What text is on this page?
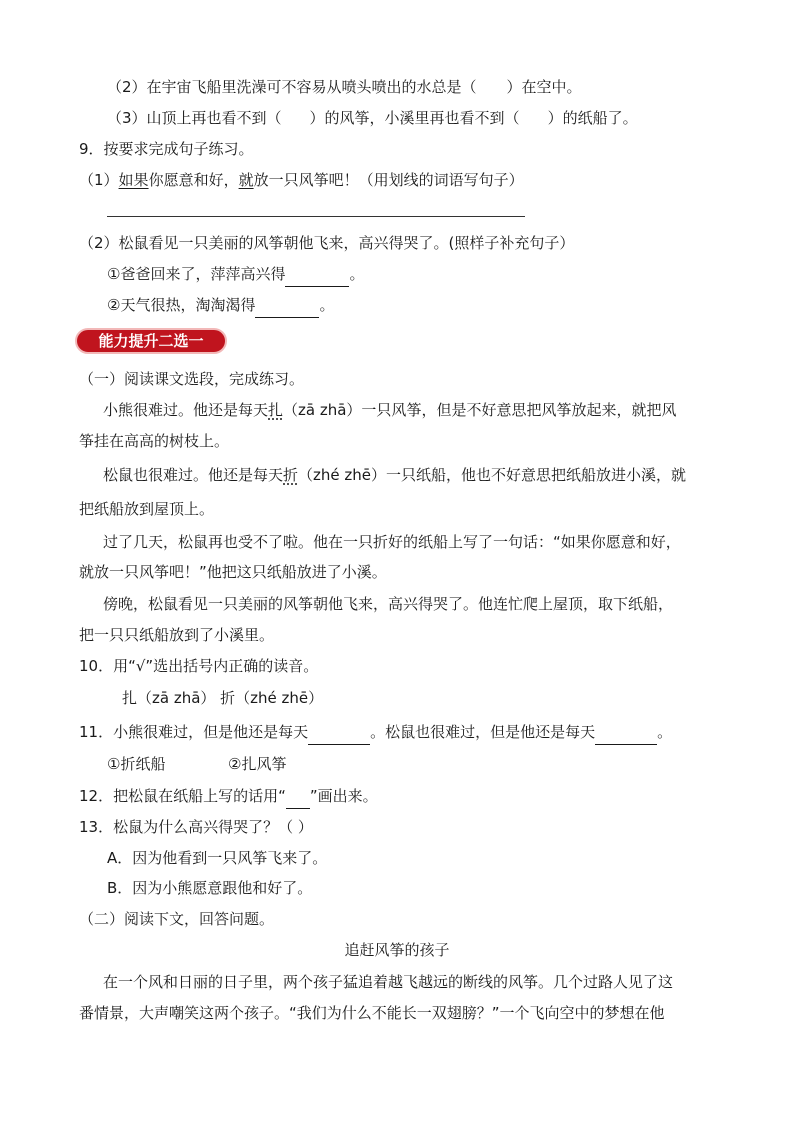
（2）在宇宙飞船里洗澡可不容易从喷头喷出的水总是（ ）在空中。
（3）山顶上再也看不到（ ）的风筝，小溪里再也看不到（ ）的纸船了。
9．按要求完成句子练习。
（1）如果你愿意和好，就放一只风筝吧！（用划线的词语写句子）
（2）松鼠看见一只美丽的风筝朝他飞来，高兴得哭了。(照样子补充句子）
①爸爸回来了，萍萍高兴得	。
②天气很热，淘淘渴得	。
能力提升二选一
（一）阅读课文选段，完成练习。
小熊很难过。他还是每天扎（zā zhā）一只风筝，但是不好意思把风筝放起来，就把风
筝挂在高高的树枝上。
松鼠也很难过。他还是每天折（zhé zhē）一只纸船，他也不好意思把纸船放进小溪，就
把纸船放到屋顶上。
过了几天，松鼠再也受不了啦。他在一只折好的纸船上写了一句话：“如果你愿意和好，
就放一只风筝吧！”他把这只纸船放进了小溪。
傍晚，松鼠看见一只美丽的风筝朝他飞来，高兴得哭了。他连忙爬上屋顶，取下纸船，
把一只只纸船放到了小溪里。
10．用“√”选出括号内正确的读音。
扎（zā zhā） 折（zhé zhē）
11．小熊很难过，但是他还是每天	。松鼠也很难过，但是他还是每天	。
①折纸船	②扎风筝
12．把松鼠在纸船上写的话用“ ”画出来。
13．松鼠为什么高兴得哭了？（ ）
A．因为他看到一只风筝飞来了。
B．因为小熊愿意跟他和好了。
（二）阅读下文，回答问题。
追赶风筝的孩子
在一个风和日丽的日子里，两个孩子猛追着越飞越远的断线的风筝。几个过路人见了这
番情景，大声嘲笑这两个孩子。“我们为什么不能长一双翅膀？”一个飞向空中的梦想在他
